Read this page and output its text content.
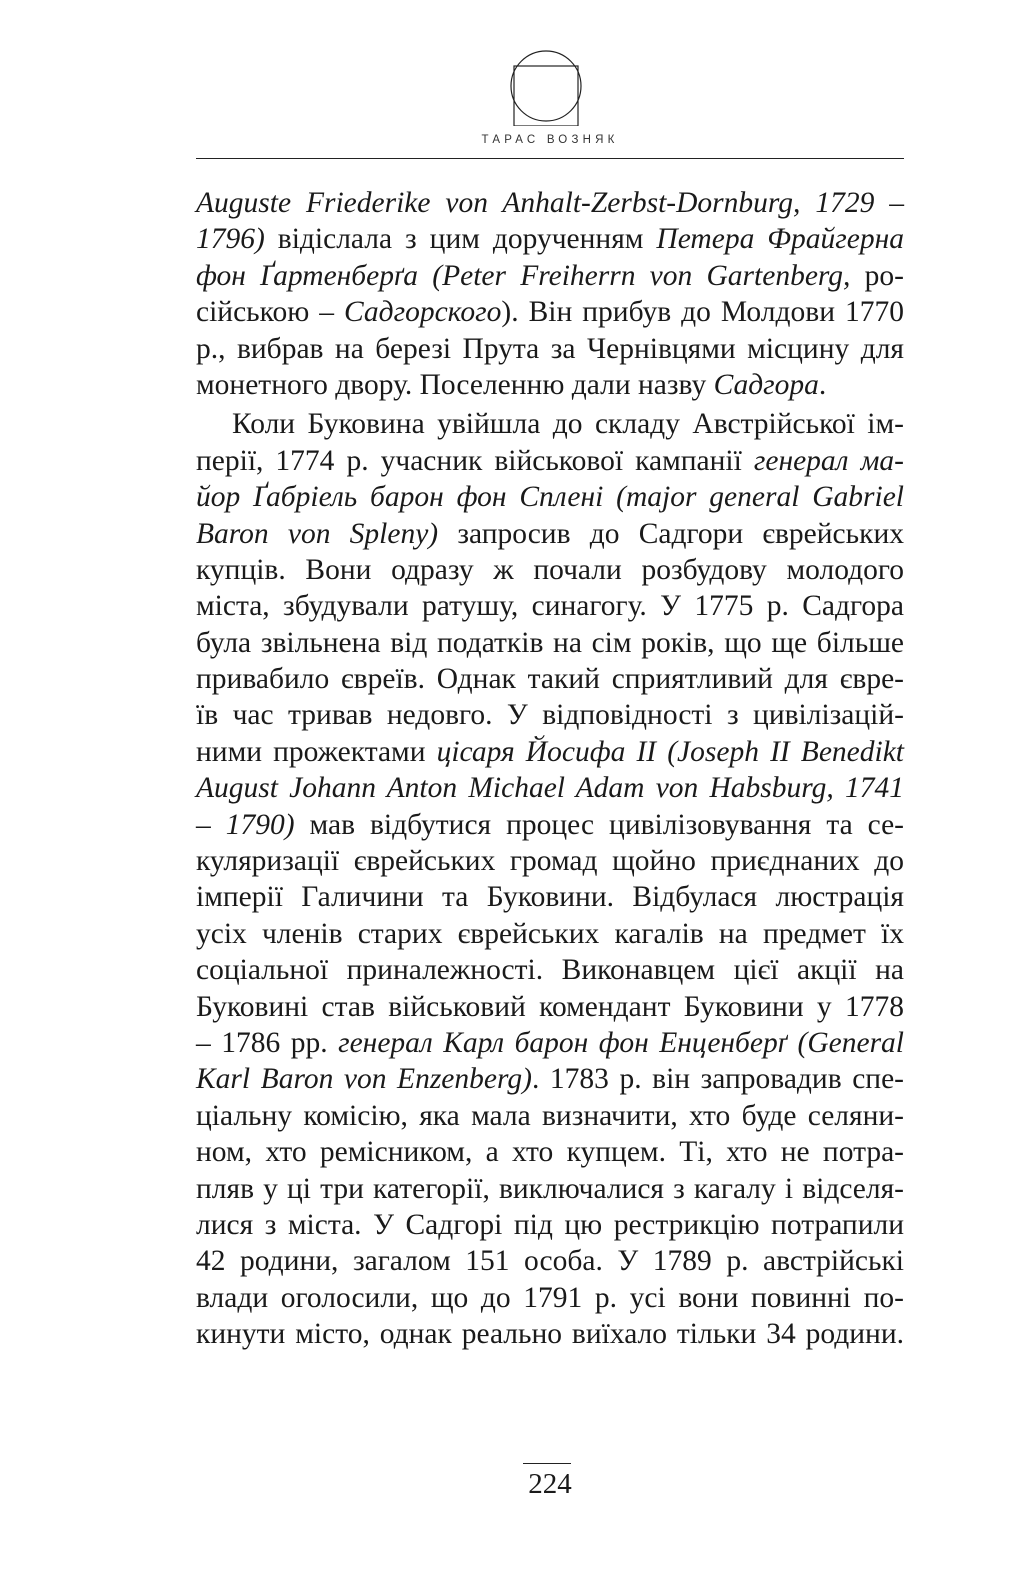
ТАРАС ВОЗНЯК
Auguste Friederike von Anhalt-Zerbst-Dornburg, 1729 –
1796) відіслала з цим дорученням Петера Фрайгерна
фон Ґартенберґа (Peter Freiherrn von Gartenberg, ро-
сійською – Садгорского). Він прибув до Молдови 1770
р., вибрав на березі Прута за Чернівцями місцину для
монетного двору. Поселенню дали назву Садгора.
Коли Буковина увійшла до складу Австрійської ім-
перії, 1774 р. учасник військової кампанії генерал ма-
йор Ґабріель барон фон Сплені (major general Gabriel
Baron von Spleny) запросив до Садгори єврейських
купців. Вони одразу ж почали розбудову молодого
міста, збудували ратушу, синагогу. У 1775 р. Садгора
була звільнена від податків на сім років, що ще більше
привабило євреїв. Однак такий сприятливий для євре-
їв час тривав недовго. У відповідності з цивілізацій-
ними прожектами цісаря Йосифа II (Joseph II Benedikt
August Johann Anton Michael Adam von Habsburg, 1741
– 1790) мав відбутися процес цивілізовування та се-
куляризації єврейських громад щойно приєднаних до
імперії Галичини та Буковини. Відбулася люстрація
усіх членів старих єврейських кагалів на предмет їх
соціальної приналежності. Виконавцем цієї акції на
Буковині став військовий комендант Буковини у 1778
– 1786 рр. генерал Карл барон фон Енценберґ (General
Karl Baron von Enzenberg). 1783 р. він запровадив спе-
ціальну комісію, яка мала визначити, хто буде селяни-
ном, хто ремісником, а хто купцем. Ті, хто не потра-
пляв у ці три категорії, виключалися з кагалу і відселя-
лися з міста. У Садгорі під цю рестрикцію потрапили
42 родини, загалом 151 особа. У 1789 р. австрійські
влади оголосили, що до 1791 р. усі вони повинні по-
кинути місто, однак реально виїхало тільки 34 родини.
224
